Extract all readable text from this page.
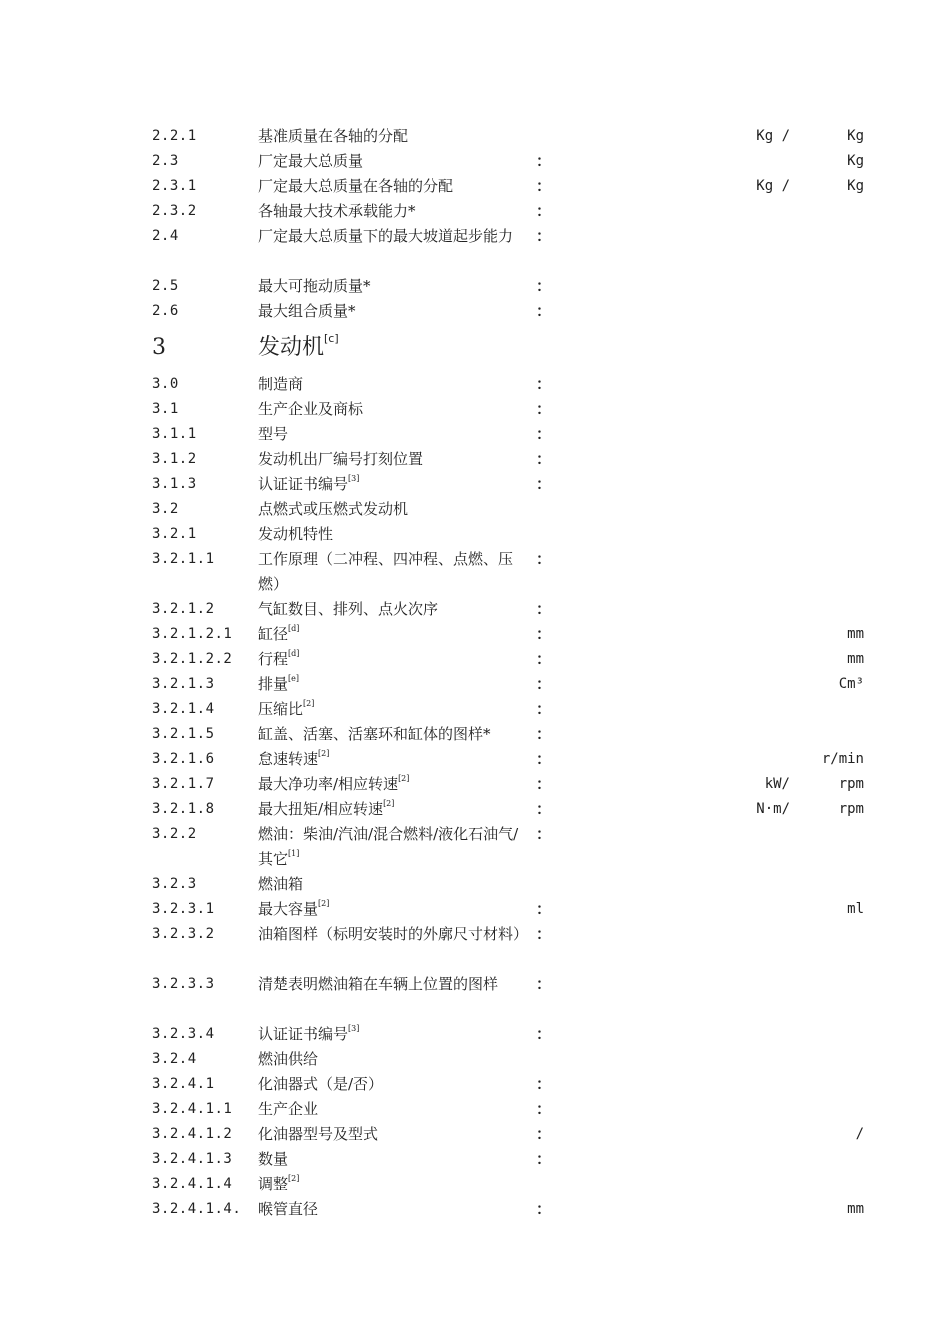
2.2.1	基准质量在各轴的分配	Kg /	Kg
2.3	厂定最大总质量	：	Kg
2.3.1	厂定最大总质量在各轴的分配	：	Kg /	Kg
2.3.2	各轴最大技术承载能力*	：
2.4	厂定最大总质量下的最大坡道起步能力	：
2.5	最大可拖动质量*	：
2.6	最大组合质量*	：
3	发动机[c]
3.0	制造商	：
3.1	生产企业及商标	：
3.1.1	型号	：
3.1.2	发动机出厂编号打刻位置	：
3.1.3	认证证书编号[3]	：
3.2	点燃式或压燃式发动机
3.2.1	发动机特性
3.2.1.1	工作原理（二冲程、四冲程、点燃、压燃）
：
3.2.1.2	气缸数目、排列、点火次序	：
3.2.1.2.1 缸径[d]	：	mm
3.2.1.2.2 行程[d]	：	mm
3.2.1.3	排量[e]	：	Cm³
3.2.1.4	压缩比[2]	：
3.2.1.5	缸盖、活塞、活塞环和缸体的图样*	：
3.2.1.6	怠速转速[2]	：	r/min
3.2.1.7	最大净功率/相应转速[2]	：	kW/	rpm
3.2.1.8	最大扭矩/相应转速[2]	：	N·m/	rpm
3.2.2	燃油：柴油/汽油/混合燃料/液化石油气/其它[1]
：
3.2.3	燃油箱
3.2.3.1	最大容量[2]	：	ml
3.2.3.2	油箱图样（标明安装时的外廓尺寸材料） ：
3.2.3.3	清楚表明燃油箱在车辆上位置的图样	：
3.2.3.4	认证证书编号[3]	：
3.2.4	燃油供给
3.2.4.1	化油器式（是/否）	：
3.2.4.1.1 生产企业	：
3.2.4.1.2 化油器型号及型式	：	/
3.2.4.1.3 数量	：
3.2.4.1.4 调整[2]
3.2.4.1.4. 喉管直径	：	mm
